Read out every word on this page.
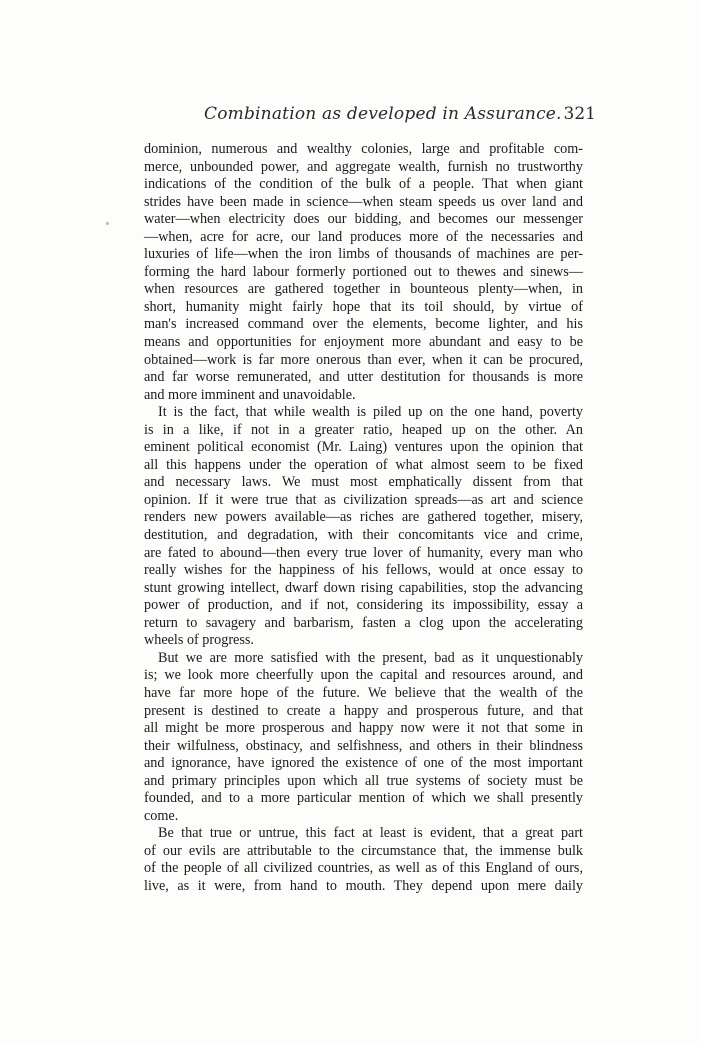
Combination as developed in Assurance. 321
dominion, numerous and wealthy colonies, large and profitable com-
merce, unbounded power, and aggregate wealth, furnish no trustworthy
indications of the condition of the bulk of a people. That when giant
strides have been made in science—when steam speeds us over land and
water—when electricity does our bidding, and becomes our messenger
—when, acre for acre, our land produces more of the necessaries and
luxuries of life—when the iron limbs of thousands of machines are per-
forming the hard labour formerly portioned out to thewes and sinews—
when resources are gathered together in bounteous plenty—when, in
short, humanity might fairly hope that its toil should, by virtue of
man's increased command over the elements, become lighter, and his
means and opportunities for enjoyment more abundant and easy to be
obtained—work is far more onerous than ever, when it can be procured,
and far worse remunerated, and utter destitution for thousands is more
and more imminent and unavoidable.
It is the fact, that while wealth is piled up on the one hand, poverty
is in a like, if not in a greater ratio, heaped up on the other. An
eminent political economist (Mr. Laing) ventures upon the opinion that
all this happens under the operation of what almost seem to be fixed
and necessary laws. We must most emphatically dissent from that
opinion. If it were true that as civilization spreads—as art and science
renders new powers available—as riches are gathered together, misery,
destitution, and degradation, with their concomitants vice and crime,
are fated to abound—then every true lover of humanity, every man who
really wishes for the happiness of his fellows, would at once essay to
stunt growing intellect, dwarf down rising capabilities, stop the advancing
power of production, and if not, considering its impossibility, essay a
return to savagery and barbarism, fasten a clog upon the accelerating
wheels of progress.
But we are more satisfied with the present, bad as it unquestionably
is; we look more cheerfully upon the capital and resources around, and
have far more hope of the future. We believe that the wealth of the
present is destined to create a happy and prosperous future, and that
all might be more prosperous and happy now were it not that some in
their wilfulness, obstinacy, and selfishness, and others in their blindness
and ignorance, have ignored the existence of one of the most important
and primary principles upon which all true systems of society must be
founded, and to a more particular mention of which we shall presently
come.
Be that true or untrue, this fact at least is evident, that a great part
of our evils are attributable to the circumstance that, the immense bulk
of the people of all civilized countries, as well as of this England of ours,
live, as it were, from hand to mouth. They depend upon mere daily
